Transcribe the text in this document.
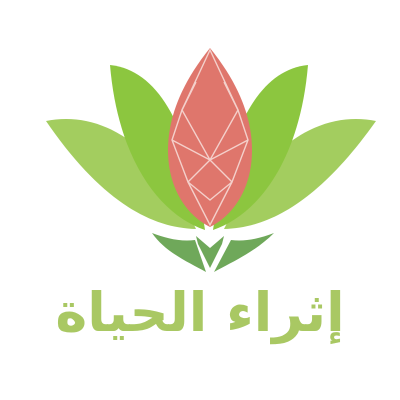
إثراء الحياة
